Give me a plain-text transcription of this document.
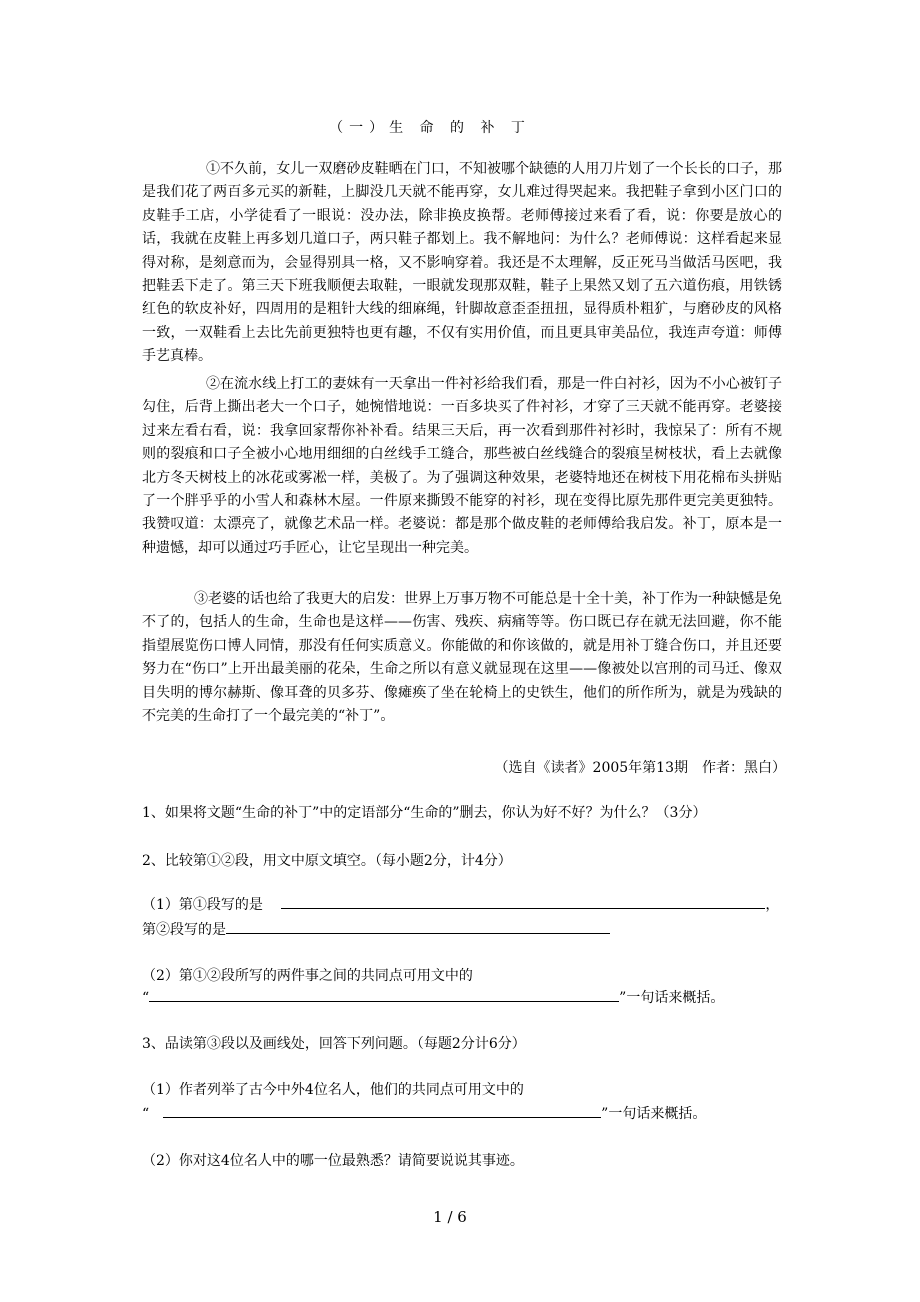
（一）生 命 的 补 丁
①不久前，女儿一双磨砂皮鞋晒在门口，不知被哪个缺德的人用刀片划了一个长长的口子，那是我们花了两百多元买的新鞋，上脚没几天就不能再穿，女儿难过得哭起来。我把鞋子拿到小区门口的皮鞋手工店，小学徒看了一眼说：没办法，除非换皮换帮。老师傅接过来看了看，说：你要是放心的话，我就在皮鞋上再多划几道口子，两只鞋子都划上。我不解地问：为什么？老师傅说：这样看起来显得对称，是刻意而为，会显得别具一格，又不影响穿着。我还是不太理解，反正死马当做活马医吧，我把鞋丢下走了。第三天下班我顺便去取鞋，一眼就发现那双鞋，鞋子上果然又划了五六道伤痕，用铁锈红色的软皮补好，四周用的是粗针大线的细麻绳，针脚故意歪歪扭扭，显得质朴粗犷，与磨砂皮的风格一致，一双鞋看上去比先前更独特也更有趣，不仅有实用价值，而且更具审美品位，我连声夸道：师傅手艺真棒。
②在流水线上打工的妻妹有一天拿出一件衬衫给我们看，那是一件白衬衫，因为不小心被钉子勾住，后背上撕出老大一个口子，她惋惜地说：一百多块买了件衬衫，才穿了三天就不能再穿。老婆接过来左看右看，说：我拿回家帮你补补看。结果三天后，再一次看到那件衬衫时，我惊呆了：所有不规则的裂痕和口子全被小心地用细细的白丝线手工缝合，那些被白丝线缝合的裂痕呈树枝状，看上去就像北方冬天树枝上的冰花或雾凇一样，美极了。为了强调这种效果，老婆特地还在树枝下用花棉布头拼贴了一个胖乎乎的小雪人和森林木屋。一件原来撕毁不能穿的衬衫，现在变得比原先那件更完美更独特。我赞叹道：太漂亮了，就像艺术品一样。老婆说：都是那个做皮鞋的老师傅给我启发。补丁，原本是一种遗憾，却可以通过巧手匠心，让它呈现出一种完美。
③老婆的话也给了我更大的启发：世界上万事万物不可能总是十全十美，补丁作为一种缺憾是免不了的，包括人的生命，生命也是这样——伤害、残疾、病痛等等。伤口既已存在就无法回避，你不能指望展览伤口博人同情，那没有任何实质意义。你能做的和你该做的，就是用补丁缝合伤口，并且还要努力在“伤口”上开出最美丽的花朵，生命之所以有意义就显现在这里——像被处以宫刑的司马迁、像双目失明的博尔赫斯、像耳聋的贝多芬、像瘫痪了坐在轮椅上的史铁生，他们的所作所为，就是为残缺的不完美的生命打了一个最完美的“补丁”。
（选自《读者》2005年第13期　作者：黑白）
1、如果将文题“生命的补丁”中的定语部分“生命的”删去，你认为好不好？为什么？（3分）
2、比较第①②段，用文中原文填空。（每小题2分，计4分）
（1）第①段写的是	，
第②段写的是
（2）第①②段所写的两件事之间的共同点可用文中的
“	”一句话来概括。
3、品读第③段以及画线处，回答下列问题。（每题2分计6分）
（1）作者列举了古今中外4位名人，他们的共同点可用文中的
“	”一句话来概括。
（2）你对这4位名人中的哪一位最熟悉？请简要说说其事迹。
1 / 6
